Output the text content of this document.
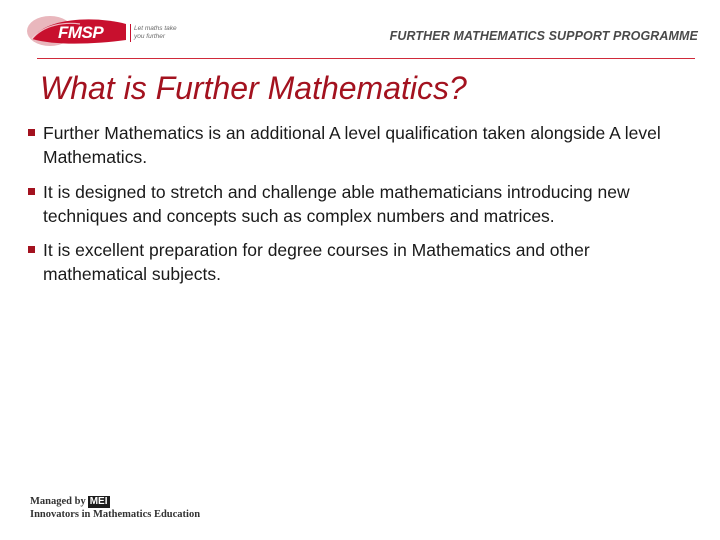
FMSP	Let maths take you further	FURTHER MATHEMATICS SUPPORT PROGRAMME
What is Further Mathematics?
Further Mathematics is an additional A level qualification taken alongside A level Mathematics.
It is designed to stretch and challenge able mathematicians introducing new techniques and concepts such as complex numbers and matrices.
It is excellent preparation for degree courses in Mathematics and other mathematical subjects.
Managed by MEI
Innovators in Mathematics Education
